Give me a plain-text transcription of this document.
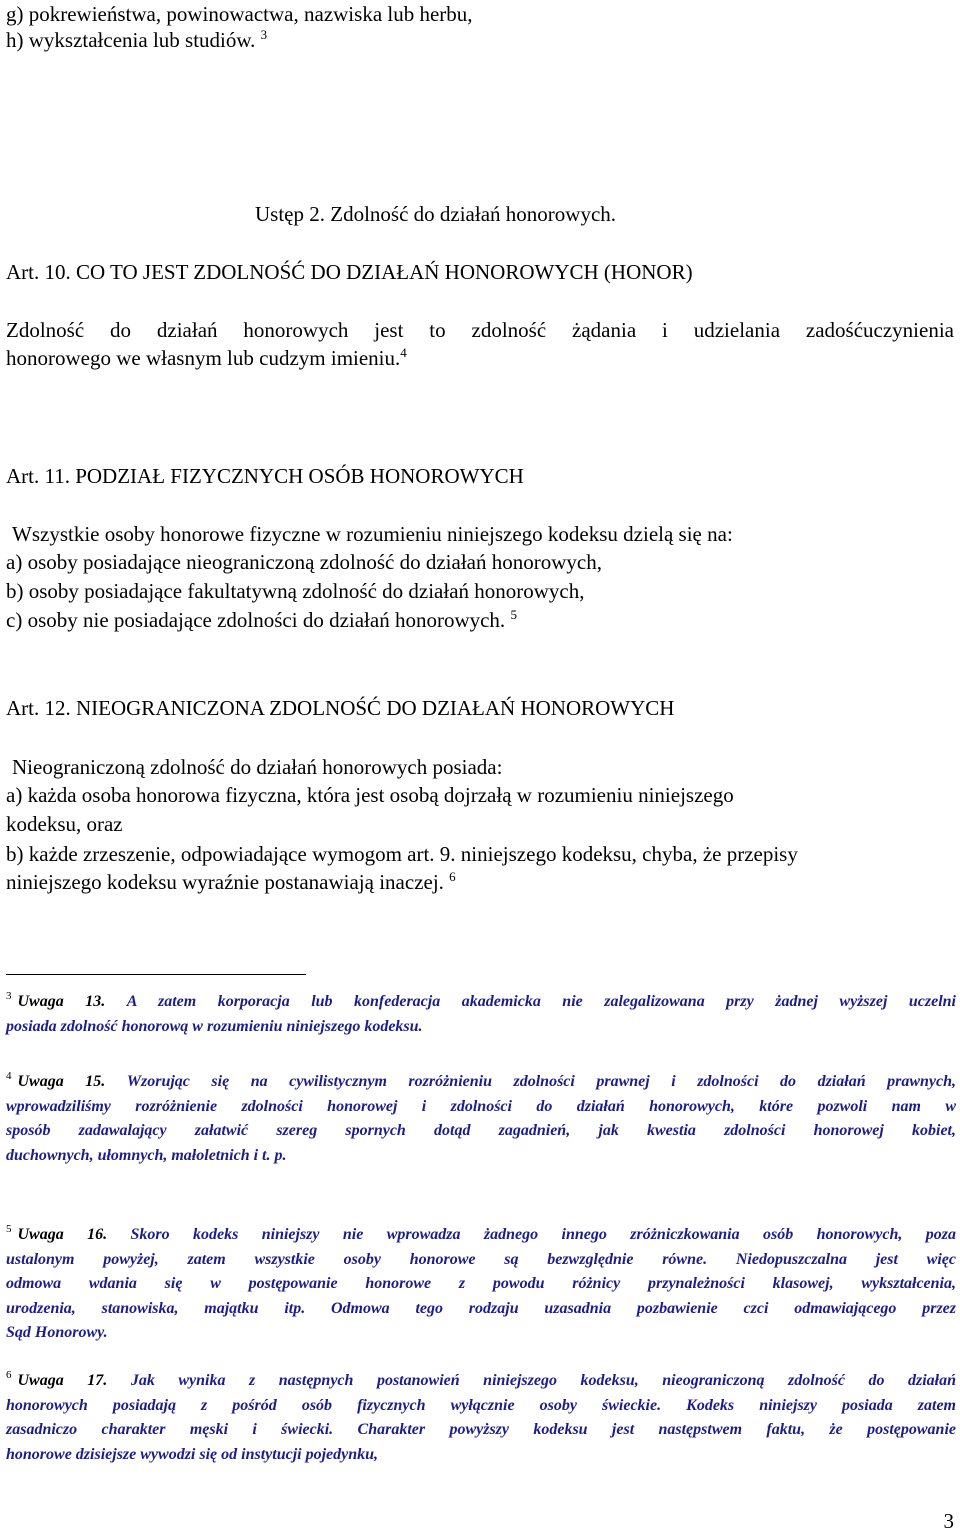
g) pokrewieństwa, powinowactwa, nazwiska lub herbu,
h) wykształcenia lub studiów. $^3$
Ustęp 2. Zdolność do działań honorowych.
Art. 10. CO TO JEST ZDOLNOŚĆ DO DZIAŁAŃ HONOROWYCH (HONOR)
Zdolność do działań honorowych jest to zdolność żądania i udzielania zadośćuczynienia
honorowego we własnym lub cudzym imieniu.$^4$
Art. 11. PODZIAŁ FIZYCZNYCH OSÓB HONOROWYCH
Wszystkie osoby honorowe fizyczne w rozumieniu niniejszego kodeksu dzielą się na:
a) osoby posiadające nieograniczoną zdolność do działań honorowych,
b) osoby posiadające fakultatywną zdolność do działań honorowych,
c) osoby nie posiadające zdolności do działań honorowych. $^5$
Art. 12. NIEOGRANICZONA ZDOLNOŚĆ DO DZIAŁAŃ HONOROWYCH
Nieograniczoną zdolność do działań honorowych posiada:
a) każda osoba honorowa fizyczna, która jest osobą dojrzałą w rozumieniu niniejszego
kodeksu, oraz
b) każde zrzeszenie, odpowiadające wymogom art. 9. niniejszego kodeksu, chyba, że przepisy
niniejszego kodeksu wyraźnie postanawiają inaczej. $^6$
$^3$ Uwaga 13. A zatem korporacja lub konfederacja akademicka nie zalegalizowana przy żadnej wyższej uczelni
posiada zdolność honorową w rozumieniu niniejszego kodeksu.
$^4$ Uwaga 15. Wzorując się na cywilistycznym rozróżnieniu zdolności prawnej i zdolności do działań prawnych,
wprowadziliśmy rozróżnienie zdolności honorowej i zdolności do działań honorowych, które pozwoli nam w
sposób zadawalający załatwić szereg spornych dotąd zagadnień, jak kwestia zdolności honorowej kobiet,
duchownych, ułomnych, małoletnich i t. p.
$^5$ Uwaga 16. Skoro kodeks niniejszy nie wprowadza żadnego innego zróżniczkowania osób honorowych, poza
ustalonym powyżej, zatem wszystkie osoby honorowe są bezwzględnie równe. Niedopuszczalna jest więc
odmowa wdania się w postępowanie honorowe z powodu różnicy przynależności klasowej, wykształcenia,
urodzenia, stanowiska, majątku itp. Odmowa tego rodzaju uzasadnia pozbawienie czci odmawiającego przez
Sąd Honorowy.
$^6$ Uwaga 17. Jak wynika z następnych postanowień niniejszego kodeksu, nieograniczoną zdolność do działań
honorowych posiadają z pośród osób fizycznych wyłącznie osoby świeckie. Kodeks niniejszy posiada zatem
zasadniczo charakter męski i świecki. Charakter powyższy kodeksu jest następstwem faktu, że postępowanie
honorowe dzisiejsze wywodzi się od instytucji pojedynku,
3
